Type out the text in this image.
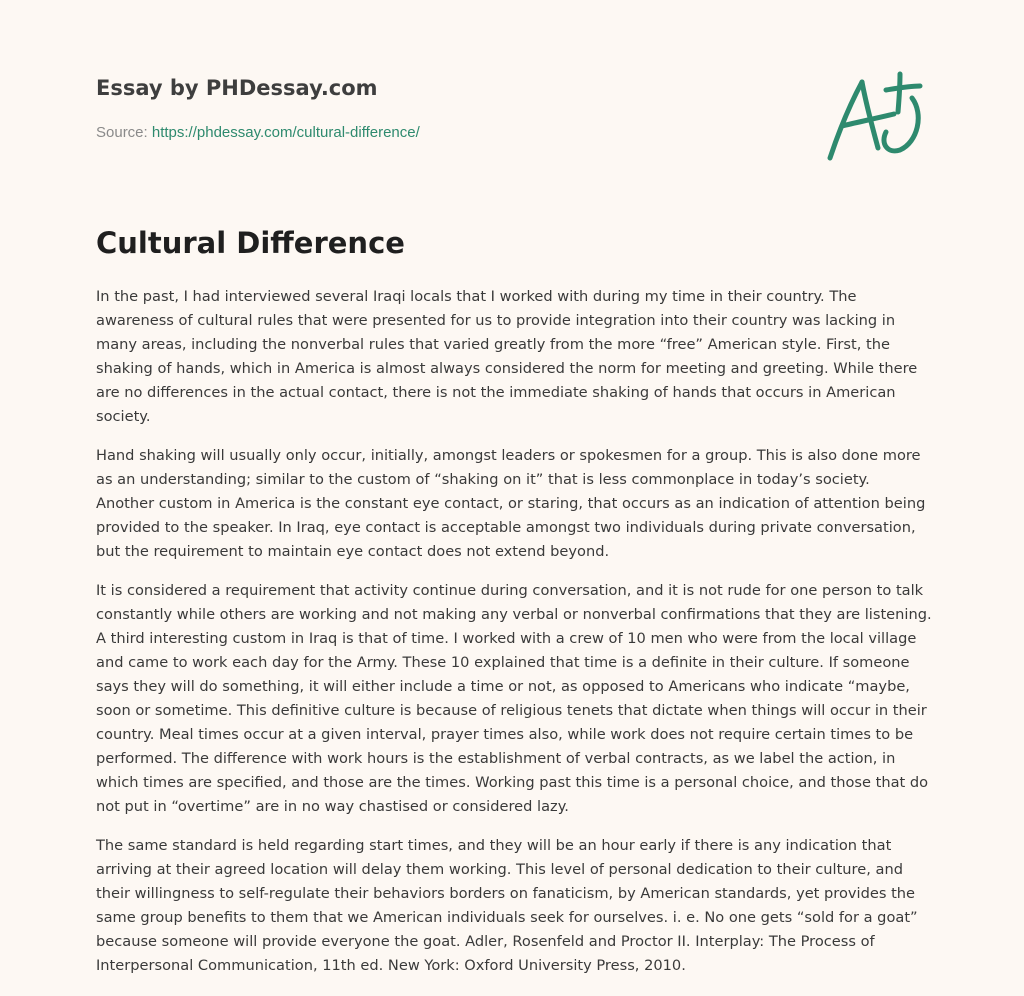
Essay by PHDessay.com
Source: https://phdessay.com/cultural-difference/
Cultural Difference

In the past, I had interviewed several Iraqi locals that I worked with during my time in their country. The awareness of cultural rules that were presented for us to provide integration into their country was lacking in many areas, including the nonverbal rules that varied greatly from the more “free” American style. First, the shaking of hands, which in America is almost always considered the norm for meeting and greeting. While there are no differences in the actual contact, there is not the immediate shaking of hands that occurs in American society.

Hand shaking will usually only occur, initially, amongst leaders or spokesmen for a group. This is also done more as an understanding; similar to the custom of “shaking on it” that is less commonplace in today’s society. Another custom in America is the constant eye contact, or staring, that occurs as an indication of attention being provided to the speaker. In Iraq, eye contact is acceptable amongst two individuals during private conversation, but the requirement to maintain eye contact does not extend beyond.

It is considered a requirement that activity continue during conversation, and it is not rude for one person to talk constantly while others are working and not making any verbal or nonverbal confirmations that they are listening. A third interesting custom in Iraq is that of time. I worked with a crew of 10 men who were from the local village and came to work each day for the Army. These 10 explained that time is a definite in their culture. If someone says they will do something, it will either include a time or not, as opposed to Americans who indicate “maybe, soon or sometime. This definitive culture is because of religious tenets that dictate when things will occur in their country. Meal times occur at a given interval, prayer times also, while work does not require certain times to be performed. The difference with work hours is the establishment of verbal contracts, as we label the action, in which times are specified, and those are the times. Working past this time is a personal choice, and those that do not put in “overtime” are in no way chastised or considered lazy.

The same standard is held regarding start times, and they will be an hour early if there is any indication that arriving at their agreed location will delay them working. This level of personal dedication to their culture, and their willingness to self-regulate their behaviors borders on fanaticism, by American standards, yet provides the same group benefits to them that we American individuals seek for ourselves. i. e. No one gets “sold for a goat” because someone will provide everyone the goat. Adler, Rosenfeld and Proctor II. Interplay: The Process of Interpersonal Communication, 11th ed. New York: Oxford University Press, 2010.
